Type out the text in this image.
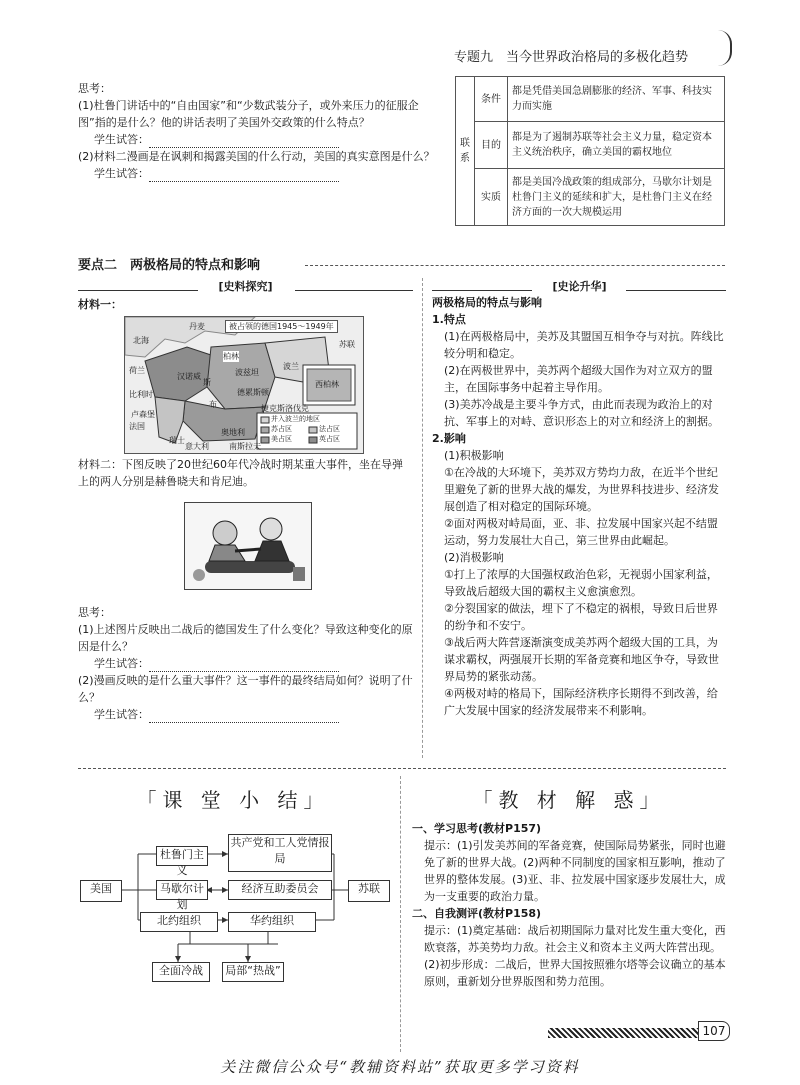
专题九　当今世界政治格局的多极化趋势
思考：
(1)杜鲁门讲话中的“自由国家”和“少数武装分子，或外来压力的征服企图”指的是什么？他的讲话表明了美国外交政策的什么特点？
学生试答：
(2)材料二漫画是在讽刺和揭露美国的什么行动，美国的真实意图是什么？
学生试答：
联系	条件	都是凭借美国急剧膨胀的经济、军事、科技实力而实施
	目的	都是为了遏制苏联等社会主义力量，稳定资本主义统治秩序，确立美国的霸权地位
	实质	都是美国冷战政策的组成部分，马歇尔计划是杜鲁门主义的延续和扩大，是杜鲁门主义在经济方面的一次大规模运用
要点二　两极格局的特点和影响
[史料探究]
材料一：
被占领的德国1945～1949年
苏联
柏林
汉诺威	波兹坦
德累斯顿
波兰
斯
布
卢森堡
法国
瑞士
奥地利
意大利	南斯拉夫
捷克斯洛伐克
西柏林
比利时
荷兰
丹麦
北海
并入波兰的地区
苏占区
美占区
法占区
英占区
材料二：下图反映了20世纪60年代冷战时期某重大事件，坐在导弹上的两人分别是赫鲁晓夫和肯尼迪。
思考：
(1)上述图片反映出二战后的德国发生了什么变化？导致这种变化的原因是什么？
学生试答：
(2)漫画反映的是什么重大事件？这一事件的最终结局如何？说明了什么？
学生试答：
[史论升华]
两极格局的特点与影响
1.特点
(1)在两极格局中，美苏及其盟国互相争夺与对抗。阵线比较分明和稳定。
(2)在两极世界中，美苏两个超级大国作为对立双方的盟主，在国际事务中起着主导作用。
(3)美苏冷战是主要斗争方式，由此而表现为政治上的对抗、军事上的对峙、意识形态上的对立和经济上的割据。
2.影响
(1)积极影响
①在冷战的大环境下，美苏双方势均力敌，在近半个世纪里避免了新的世界大战的爆发，为世界科技进步、经济发展创造了相对稳定的国际环境。
②面对两极对峙局面，亚、非、拉发展中国家兴起不结盟运动，努力发展壮大自己，第三世界由此崛起。
(2)消极影响
①打上了浓厚的大国强权政治色彩，无视弱小国家利益，导致战后超级大国的霸权主义愈演愈烈。
②分裂国家的做法，埋下了不稳定的祸根，导致日后世界的纷争和不安宁。
③战后两大阵营逐渐演变成美苏两个超级大国的工具，为谋求霸权，两强展开长期的军备竞赛和地区争夺，导致世界局势的紧张动荡。
④两极对峙的格局下，国际经济秩序长期得不到改善，给广大发展中国家的经济发展带来不利影响。
「课 堂 小 结」
美国
杜鲁门主义
共产党和工人党情报局
马歇尔计划
经济互助委员会	苏联
北约组织	华约组织
全面冷战	局部“热战”
「教 材 解 惑」
一、学习思考(教材P157)
提示：(1)引发美苏间的军备竞赛，使国际局势紧张，同时也避免了新的世界大战。(2)两种不同制度的国家相互影响，推动了世界的整体发展。(3)亚、非、拉发展中国家逐步发展壮大，成为一支重要的政治力量。
二、自我测评(教材P158)
提示：(1)奠定基础：战后初期国际力量对比发生重大变化，西欧衰落，苏美势均力敌。社会主义和资本主义两大阵营出现。(2)初步形成：二战后，世界大国按照雅尔塔等会议确立的基本原则，重新划分世界版图和势力范围。
107
关注微信公众号“教辅资料站”获取更多学习资料
